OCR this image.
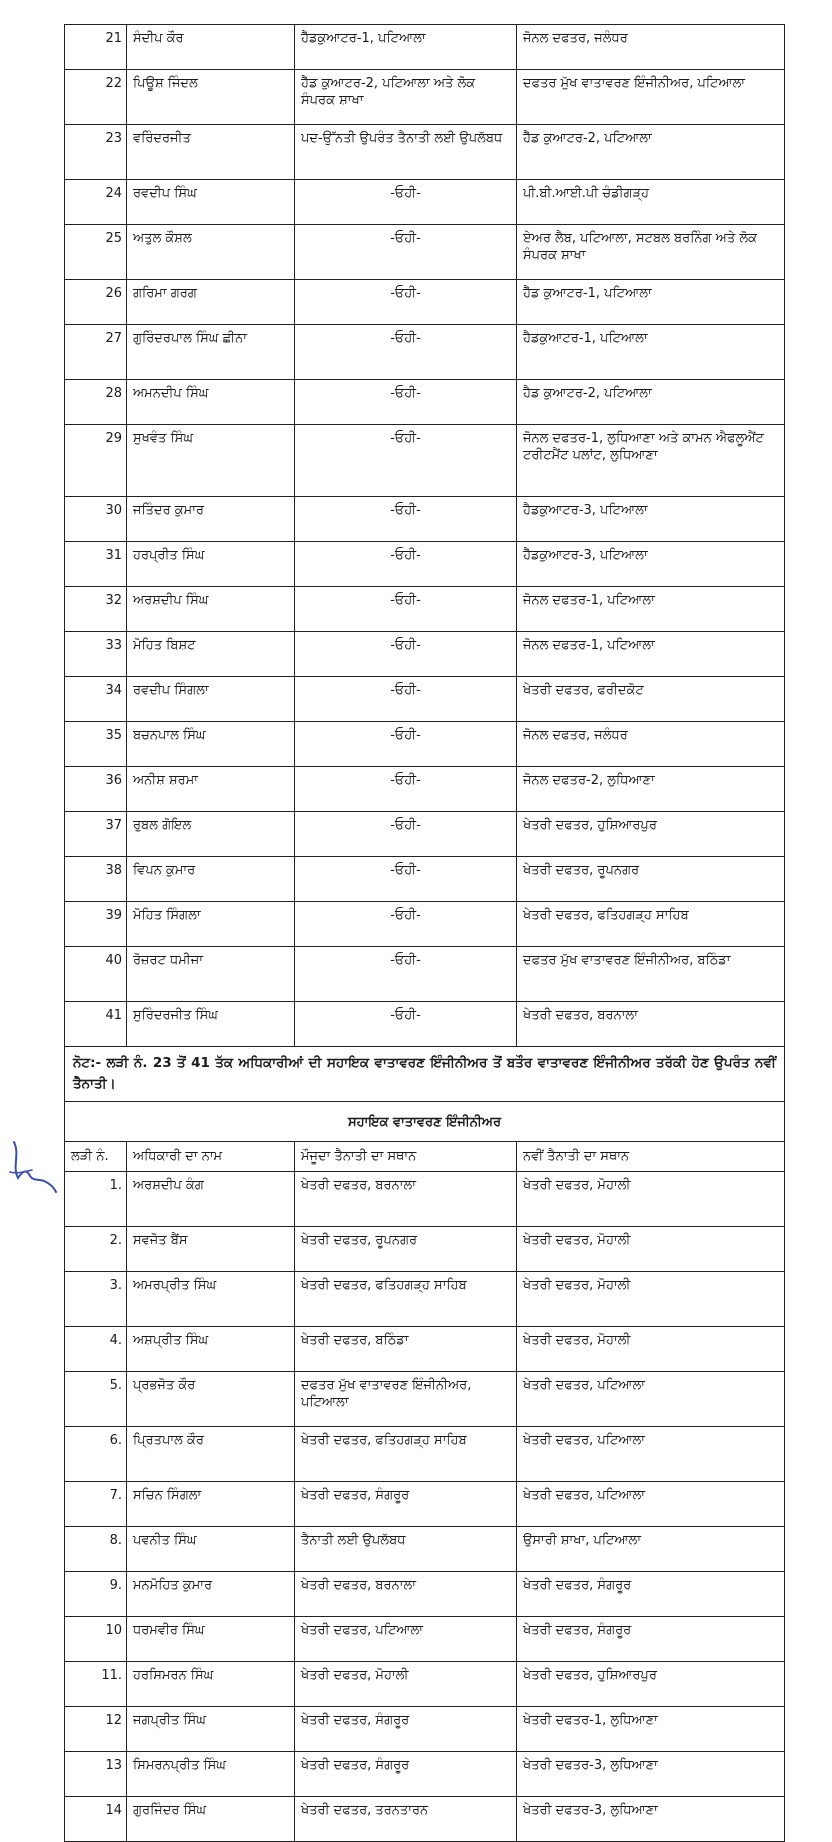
21	ਸੰਦੀਪ ਕੌਰ	ਹੈੱਡਕੁਆਟਰ-1, ਪਟਿਆਲਾ	ਜੋਨਲ ਦਫਤਰ, ਜਲੰਧਰ
22	ਪਿਊਸ਼ ਜਿੰਦਲ	ਹੈੱਡ ਕੁਆਟਰ-2, ਪਟਿਆਲਾ ਅਤੇ ਲੋਕ ਸੰਪਰਕ ਸ਼ਾਖਾ	ਦਫਤਰ ਮੁੱਖ ਵਾਤਾਵਰਣ ਇੰਜੀਨੀਅਰ, ਪਟਿਆਲਾ
23	ਵਰਿੰਦਰਜੀਤ	ਪਦ-ਉੱਨਤੀ ਉਪਰੰਤ ਤੈਨਾਤੀ ਲਈ ਉਪਲੱਬਧ	ਹੈੱਡ ਕੁਆਟਰ-2, ਪਟਿਆਲਾ
24	ਰਵਦੀਪ ਸਿੰਘ	-ਓਹੀ-	ਪੀ.ਬੀ.ਆਈ.ਪੀ ਚੰਡੀਗੜ੍ਹ
25	ਅਤੁਲ ਕੌਸ਼ਲ	-ਓਹੀ-	ਏਅਰ ਲੈਬ, ਪਟਿਆਲਾ, ਸਟਬਲ ਬਰਨਿੰਗ ਅਤੇ ਲੋਕ ਸੰਪਰਕ ਸ਼ਾਖਾ
26	ਗਰਿਮਾ ਗਰਗ	-ਓਹੀ-	ਹੈੱਡ ਕੁਆਟਰ-1, ਪਟਿਆਲਾ
27	ਗੁਰਿੰਦਰਪਾਲ ਸਿੰਘ ਛੀਨਾ	-ਓਹੀ-	ਹੈਡਕੁਆਟਰ-1, ਪਟਿਆਲਾ
28	ਅਮਨਦੀਪ ਸਿੰਘ	-ਓਹੀ-	ਹੈਡ ਕੁਆਟਰ-2, ਪਟਿਆਲਾ
29	ਸੁਖਵੰਤ ਸਿੰਘ	-ਓਹੀ-	ਜੋਨਲ ਦਫਤਰ-1, ਲੁਧਿਆਣਾ ਅਤੇ ਕਾਮਨ ਐਫਲੂਐਂਟ ਟਰੀਟਮੈਂਟ ਪਲਾਂਟ, ਲੁਧਿਆਣਾ
30	ਜਤਿੰਦਰ ਕੁਮਾਰ	-ਓਹੀ-	ਹੈਡਕੁਆਟਰ-3, ਪਟਿਆਲਾ
31	ਹਰਪ੍ਰੀਤ ਸਿੰਘ	-ਓਹੀ-	ਹੈੱਡਕੁਆਟਰ-3, ਪਟਿਆਲਾ
32	ਅਰਸ਼ਦੀਪ ਸਿੰਘ	-ਓਹੀ-	ਜੋਨਲ ਦਫਤਰ-1, ਪਟਿਆਲਾ
33	ਮੋਹਿਤ ਬਿਸ਼ਟ	-ਓਹੀ-	ਜੋਨਲ ਦਫਤਰ-1, ਪਟਿਆਲਾ
34	ਰਵਦੀਪ ਸਿੰਗਲਾ	-ਓਹੀ-	ਖੇਤਰੀ ਦਫਤਰ, ਫਰੀਦਕੋਟ
35	ਬਚਨਪਾਲ ਸਿੰਘ	-ਓਹੀ-	ਜੋਨਲ ਦਫਤਰ, ਜਲੰਧਰ
36	ਅਨੀਸ਼ ਸ਼ਰਮਾ	-ਓਹੀ-	ਜੋਨਲ ਦਫਤਰ-2, ਲੁਧਿਆਣਾ
37	ਰੁਬਲ ਗੋਇਲ	-ਓਹੀ-	ਖੇਤਰੀ ਦਫਤਰ, ਹੁਸ਼ਿਆਰਪੁਰ
38	ਵਿਪਨ ਕੁਮਾਰ	-ਓਹੀ-	ਖੇਤਰੀ ਦਫਤਰ, ਰੂਪਨਗਰ
39	ਮੋਹਿਤ ਸਿੰਗਲਾ	-ਓਹੀ-	ਖੇਤਰੀ ਦਫਤਰ, ਫਤਿਹਗੜ੍ਹ ਸਾਹਿਬ
40	ਰੋਜ਼ਰਟ ਧਮੀਜਾ	-ਓਹੀ-	ਦਫਤਰ ਮੁੱਖ ਵਾਤਾਵਰਣ ਇੰਜੀਨੀਅਰ, ਬਠਿੰਡਾ
41	ਸੁਰਿੰਦਰਜੀਤ ਸਿੰਘ	-ਓਹੀ-	ਖੇਤਰੀ ਦਫਤਰ, ਬਰਨਾਲਾ
ਨੋਟ:- ਲੜੀ ਨੰ. 23 ਤੋਂ 41 ਤੱਕ ਅਧਿਕਾਰੀਆਂ ਦੀ ਸਹਾਇਕ ਵਾਤਾਵਰਣ ਇੰਜੀਨੀਅਰ ਤੋਂ ਬਤੌਰ ਵਾਤਾਵਰਣ ਇੰਜੀਨੀਅਰ ਤਰੱਕੀ ਹੋਣ ਉਪਰੰਤ ਨਵੀਂ ਤੈਨਾਤੀ।			
ਸਹਾਇਕ ਵਾਤਾਵਰਣ ਇੰਜੀਨੀਅਰ			
ਲੜੀ ਨੰ.	ਅਧਿਕਾਰੀ ਦਾ ਨਾਮ	ਮੌਜੂਦਾ ਤੈਨਾਤੀ ਦਾ ਸਥਾਨ	ਨਵੀਂ ਤੈਨਾਤੀ ਦਾ ਸਥਾਨ
1.	ਅਰਸ਼ਦੀਪ ਕੰਗ	ਖੇਤਰੀ ਦਫਤਰ, ਬਰਨਾਲਾ	ਖੇਤਰੀ ਦਫਤਰ, ਮੋਹਾਲੀ
2.	ਸਵਜੋਤ ਬੈਂਸ	ਖੇਤਰੀ ਦਫਤਰ, ਰੂਪਨਗਰ	ਖੇਤਰੀ ਦਫਤਰ, ਮੋਹਾਲੀ
3.	ਅਮਰਪ੍ਰੀਤ ਸਿੰਘ	ਖੇਤਰੀ ਦਫਤਰ, ਫਤਿਹਗੜ੍ਹ ਸਾਹਿਬ	ਖੇਤਰੀ ਦਫਤਰ, ਮੋਹਾਲੀ
4.	ਅਸ਼ਪ੍ਰੀਤ ਸਿੰਘ	ਖੇਤਰੀ ਦਫਤਰ, ਬਠਿੰਡਾ	ਖੇਤਰੀ ਦਫਤਰ, ਮੋਹਾਲੀ
5.	ਪ੍ਰਭਜੋਤ ਕੌਰ	ਦਫਤਰ ਮੁੱਖ ਵਾਤਾਵਰਣ ਇੰਜੀਨੀਅਰ, ਪਟਿਆਲਾ	ਖੇਤਰੀ ਦਫਤਰ, ਪਟਿਆਲਾ
6.	ਪ੍ਰਿਤਪਾਲ ਕੌਰ	ਖੇਤਰੀ ਦਫਤਰ, ਫਤਿਹਗੜ੍ਹ ਸਾਹਿਬ	ਖੇਤਰੀ ਦਫਤਰ, ਪਟਿਆਲਾ
7.	ਸਚਿਨ ਸਿੰਗਲਾ	ਖੇਤਰੀ ਦਫਤਰ, ਸੰਗਰੂਰ	ਖੇਤਰੀ ਦਫਤਰ, ਪਟਿਆਲਾ
8.	ਪਵਨੀਤ ਸਿੰਘ	ਤੈਨਾਤੀ ਲਈ ਉਪਲੱਬਧ	ਉਸਾਰੀ ਸ਼ਾਖਾ, ਪਟਿਆਲਾ
9.	ਮਨਮੋਹਿਤ ਕੁਮਾਰ	ਖੇਤਰੀ ਦਫਤਰ, ਬਰਨਾਲਾ	ਖੇਤਰੀ ਦਫਤਰ, ਸੰਗਰੂਰ
10	ਧਰਮਵੀਰ ਸਿੰਘ	ਖੇਤਰੀ ਦਫਤਰ, ਪਟਿਆਲਾ	ਖੇਤਰੀ ਦਫਤਰ, ਸੰਗਰੂਰ
11.	ਹਰਸਿਮਰਨ ਸਿੰਘ	ਖੇਤਰੀ ਦਫਤਰ, ਮੋਹਾਲੀ	ਖੇਤਰੀ ਦਫਤਰ, ਹੁਸ਼ਿਆਰਪੁਰ
12	ਜਗਪ੍ਰੀਤ ਸਿੰਘ	ਖੇਤਰੀ ਦਫਤਰ, ਸੰਗਰੂਰ	ਖੇਤਰੀ ਦਫਤਰ-1, ਲੁਧਿਆਣਾ
13	ਸਿਮਰਨਪ੍ਰੀਤ ਸਿੰਘ	ਖੇਤਰੀ ਦਫਤਰ, ਸੰਗਰੂਰ	ਖੇਤਰੀ ਦਫਤਰ-3, ਲੁਧਿਆਣਾ
14	ਗੁਰਜਿੰਦਰ ਸਿੰਘ	ਖੇਤਰੀ ਦਫਤਰ, ਤਰਨਤਾਰਨ	ਖੇਤਰੀ ਦਫਤਰ-3, ਲੁਧਿਆਣਾ
